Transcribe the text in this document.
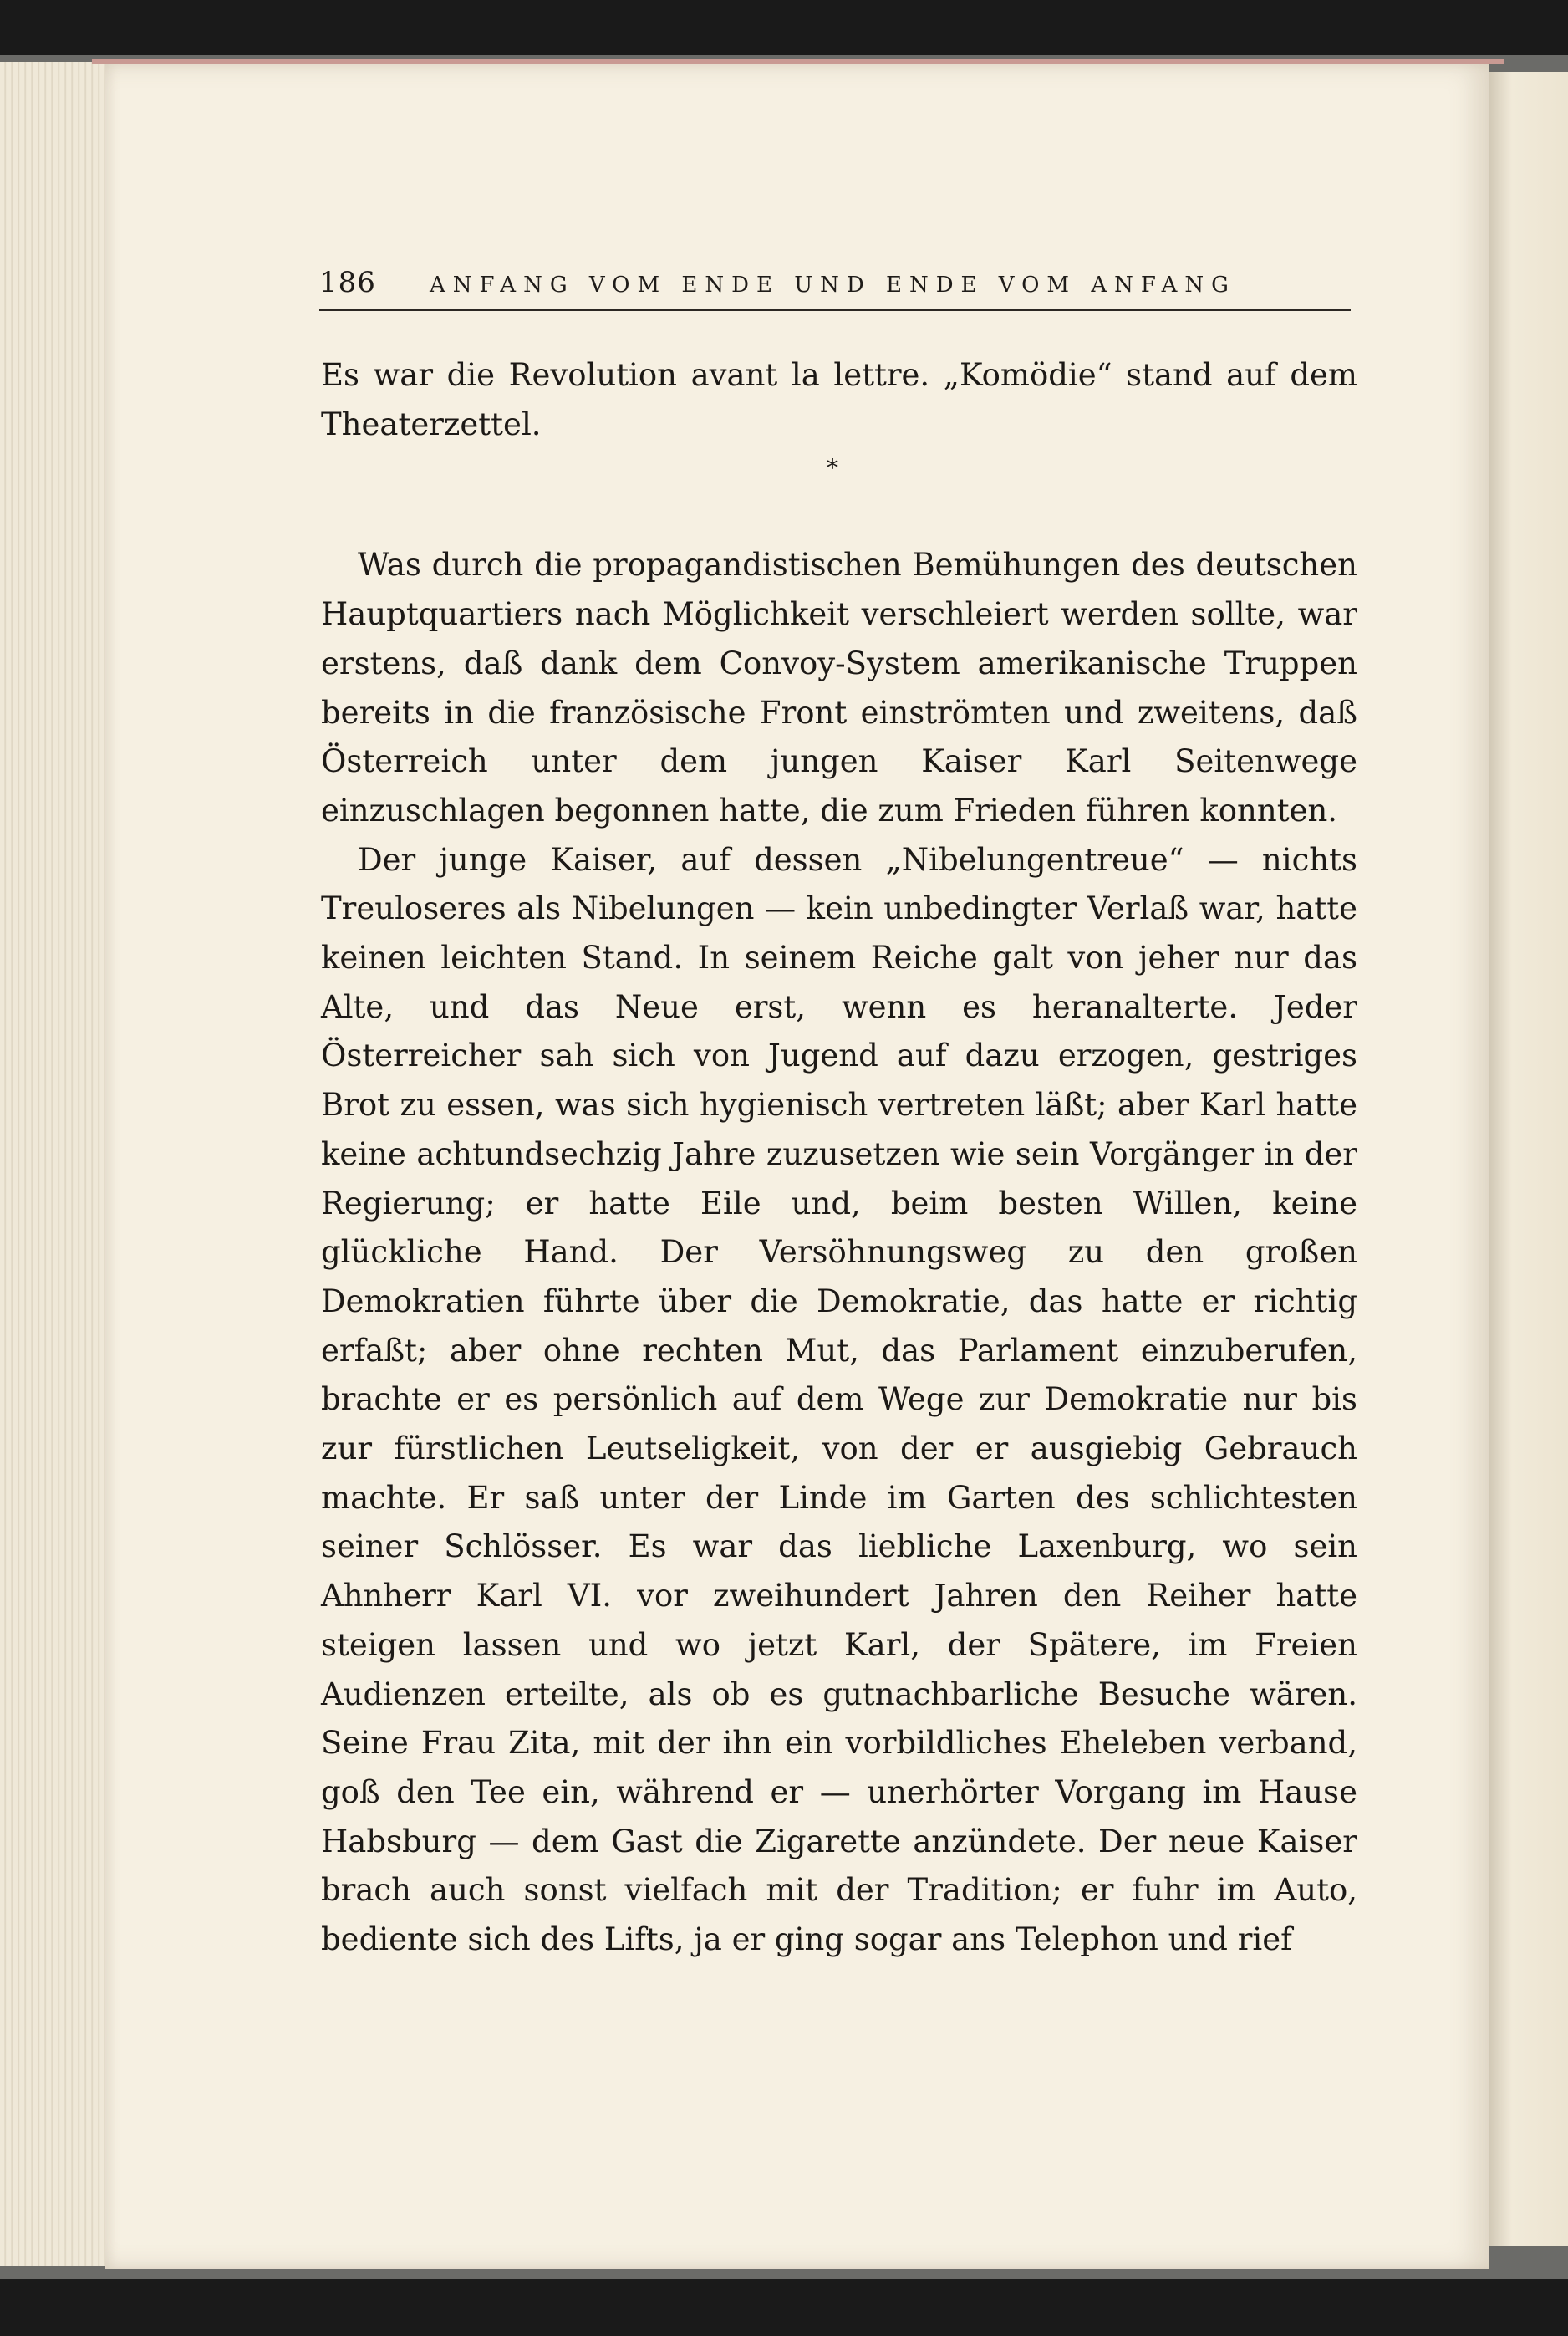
186 ANFANG VOM ENDE UND ENDE VOM ANFANG

Es war die Revolution avant la lettre. „Komödie“ stand auf dem Theaterzettel.

*

Was durch die propagandistischen Bemühungen des deutschen Hauptquartiers nach Möglichkeit verschleiert werden sollte, war erstens, daß dank dem Convoy-System amerikanische Truppen bereits in die französische Front einströmten und zweitens, daß Österreich unter dem jungen Kaiser Karl Seitenwege einzuschlagen begonnen hatte, die zum Frieden führen konnten.

Der junge Kaiser, auf dessen „Nibelungentreue“ — nichts Treuloseres als Nibelungen — kein unbedingter Verlaß war, hatte keinen leichten Stand. In seinem Reiche galt von jeher nur das Alte, und das Neue erst, wenn es heranalterte. Jeder Österreicher sah sich von Jugend auf dazu erzogen, gestriges Brot zu essen, was sich hygienisch vertreten läßt; aber Karl hatte keine achtundsechzig Jahre zuzusetzen wie sein Vorgänger in der Regierung; er hatte Eile und, beim besten Willen, keine glückliche Hand. Der Versöhnungsweg zu den großen Demokratien führte über die Demokratie, das hatte er richtig erfaßt; aber ohne rechten Mut, das Parlament einzuberufen, brachte er es persönlich auf dem Wege zur Demokratie nur bis zur fürstlichen Leutseligkeit, von der er ausgiebig Gebrauch machte. Er saß unter der Linde im Garten des schlichtesten seiner Schlösser. Es war das liebliche Laxenburg, wo sein Ahnherr Karl VI. vor zweihundert Jahren den Reiher hatte steigen lassen und wo jetzt Karl, der Spätere, im Freien Audienzen erteilte, als ob es gutnachbarliche Besuche wären. Seine Frau Zita, mit der ihn ein vorbildliches Eheleben verband, goß den Tee ein, während er — unerhörter Vorgang im Hause Habsburg — dem Gast die Zigarette anzündete. Der neue Kaiser brach auch sonst vielfach mit der Tradition; er fuhr im Auto, bediente sich des Lifts, ja er ging sogar ans Telephon und rief
